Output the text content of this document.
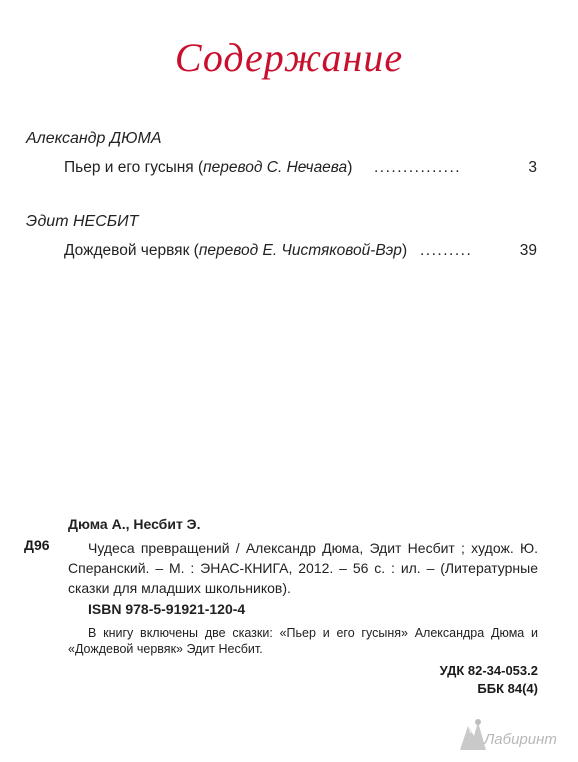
Содержание
Александр ДЮМА
Пьер и его гусыня (перевод С. Нечаева) ...............	3
Эдит НЕСБИТ
Дождевой червяк (перевод Е. Чистяковой-Вэр) .........	39
Д96
Дюма А., Несбит Э.
Чудеса превращений / Александр Дюма, Эдит Несбит ; худож. Ю. Сперанский. – М. : ЭНАС-КНИГА, 2012. – 56 с. : ил. – (Литературные сказки для младших школьников).
ISBN 978-5-91921-120-4
В книгу включены две сказки: «Пьер и его гусыня» Александра Дюма и «Дождевой червяк» Эдит Несбит.
УДК 82-34-053.2
ББК 84(4)
Лабиринт
